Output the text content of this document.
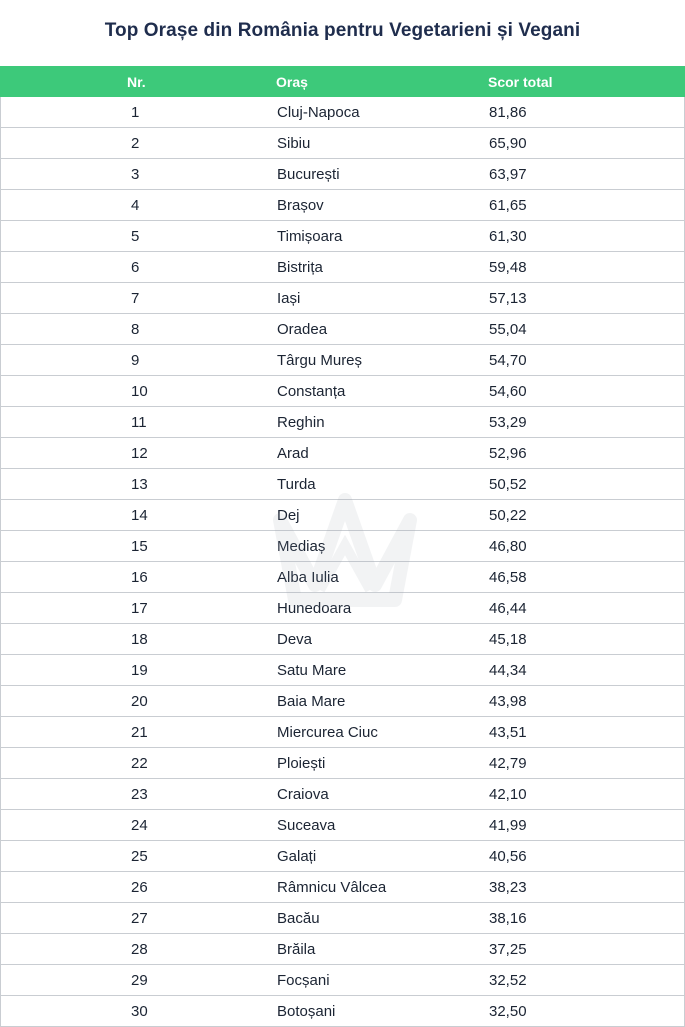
Top Orașe din România pentru Vegetarieni și Vegani
Nr.	Oraș	Scor total
1	Cluj-Napoca	81,86
2	Sibiu	65,90
3	București	63,97
4	Brașov	61,65
5	Timișoara	61,30
6	Bistrița	59,48
7	Iași	57,13
8	Oradea	55,04
9	Târgu Mureș	54,70
10	Constanța	54,60
11	Reghin	53,29
12	Arad	52,96
13	Turda	50,52
14	Dej	50,22
15	Mediaș	46,80
16	Alba Iulia	46,58
17	Hunedoara	46,44
18	Deva	45,18
19	Satu Mare	44,34
20	Baia Mare	43,98
21	Miercurea Ciuc	43,51
22	Ploiești	42,79
23	Craiova	42,10
24	Suceava	41,99
25	Galați	40,56
26	Râmnicu Vâlcea	38,23
27	Bacău	38,16
28	Brăila	37,25
29	Focșani	32,52
30	Botoșani	32,50
